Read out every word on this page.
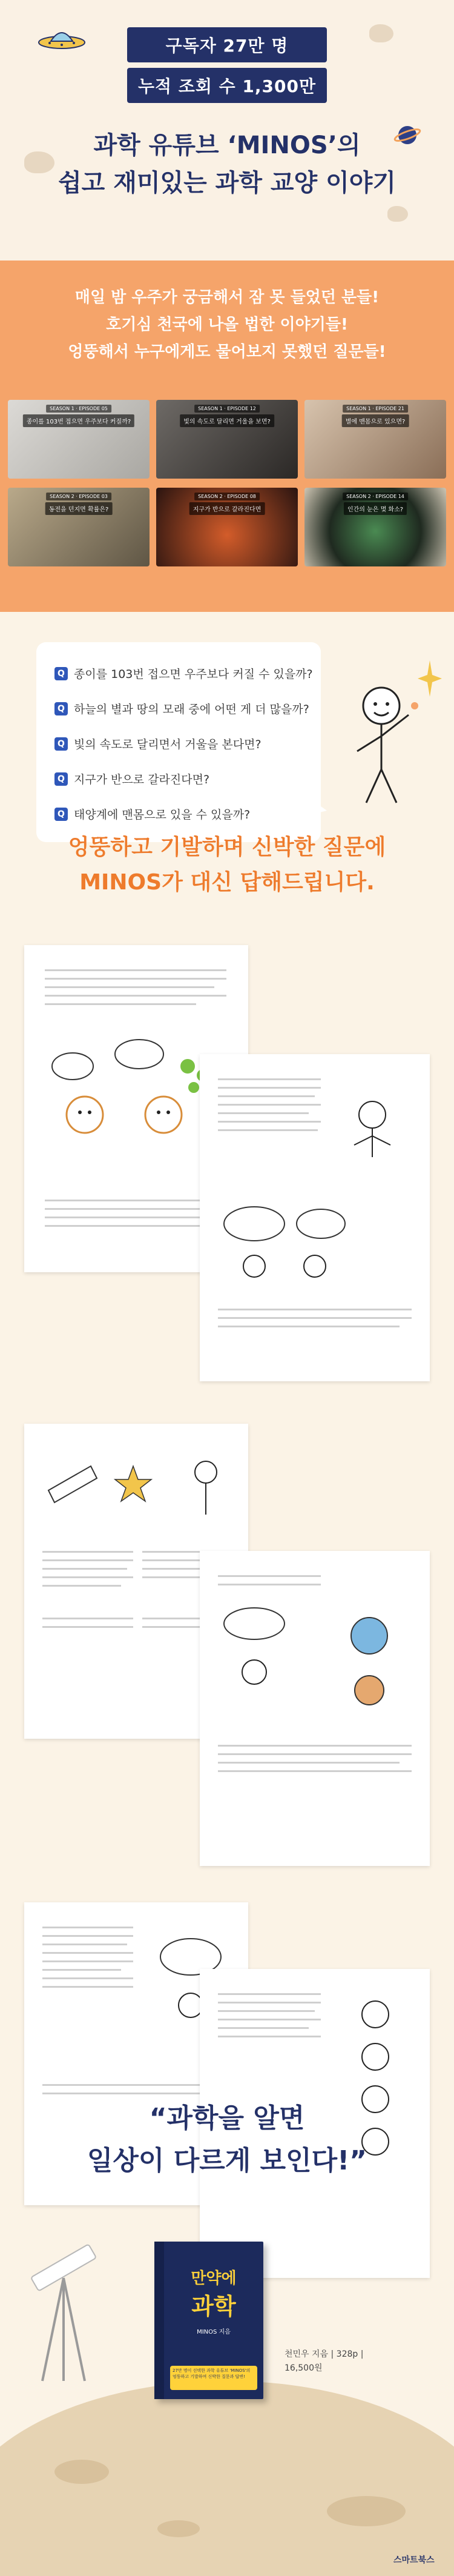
구독자 27만 명
누적 조회 수 1,300만
과학 유튜브 ‘MINOS’의
쉽고 재미있는 과학 교양 이야기
매일 밤 우주가 궁금해서 잠 못 들었던 분들!
호기심 천국에 나올 법한 이야기들!
엉뚱해서 누구에게도 물어보지 못했던 질문들!
SEASON 1 · EPISODE 05
종이를 103번 접으면 우주보다 커질까?
SEASON 1 · EPISODE 12
빛의 속도로 달리면 거울을 보면?
SEASON 1 · EPISODE 21
별에 맨몸으로 있으면?
SEASON 2 · EPISODE 03
동전을 던지면 확률은?
SEASON 2 · EPISODE 08
지구가 반으로 갈라진다면
SEASON 2 · EPISODE 14
인간의 눈은 몇 화소?
Q 종이를 103번 접으면 우주보다 커질 수 있을까?
Q 하늘의 별과 땅의 모래 중에 어떤 게 더 많을까?
Q 빛의 속도로 달리면서 거울을 본다면?
Q 지구가 반으로 갈라진다면?
Q 태양계에 맨몸으로 있을 수 있을까?
엉뚱하고 기발하며 신박한 질문에
MINOS가 대신 답해드립니다.
“과학을 알면
일상이 다르게 보인다!”
만약에
과학
MINOS 지음
27만 명이 선택한 과학 유튜브 'MINOS'의 엉뚱하고 기발하며 신박한 질문과 답변!
천민우 지음 | 328p |
16,500원
스마트북스
